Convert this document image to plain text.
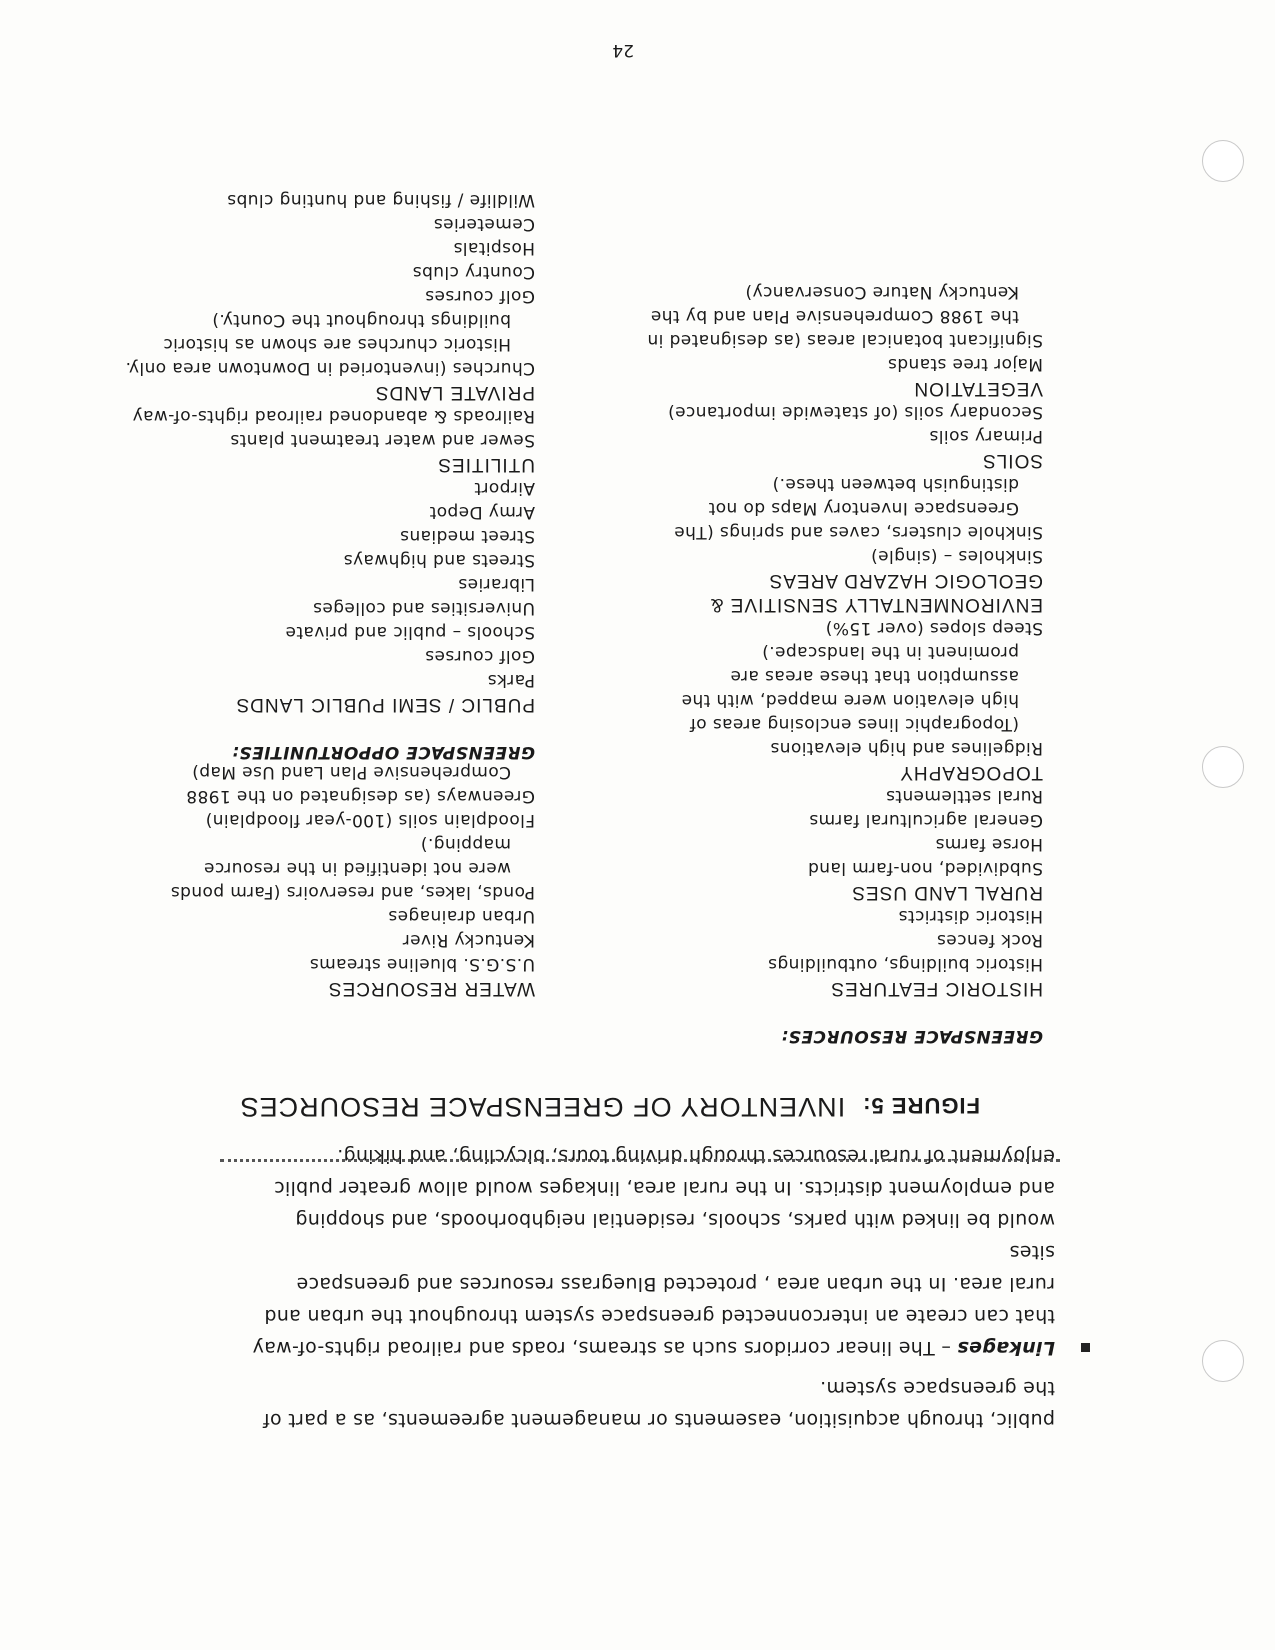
public, through acquisition, easements or management agreements, as a part of
the greenspace system.
Linkages – The linear corridors such as streams, roads and railroad rights-of-way
that can create an interconnected greenspace system throughout the urban and
rural area. In the urban area , protected Bluegrass resources and greenspace sites
would be linked with parks, schools, residential neighborhoods, and shopping
and employment districts. In the rural area, linkages would allow greater public
enjoyment of rural resources through driving tours, bicycling, and hiking.
FIGURE 5:  INVENTORY OF GREENSPACE RESOURCES
GREENSPACE RESOURCES:
HISTORIC FEATURES
Historic buildings, outbuildings
Rock fences
Historic districts
RURAL LAND USES
Subdivided, non-farm land
Horse farms
General agricultural farms
Rural settlements
TOPOGRAPHY
Ridgelines and high elevations
(Topographic lines enclosing areas of
high elevation were mapped, with the
assumption that these areas are
prominent in the landscape.)
Steep slopes (over 15%)
ENVIRONMENTALLY SENSITIVE &
GEOLOGIC HAZARD AREAS
Sinkholes – (single)
Sinkhole clusters, caves and springs (The
Greenspace Inventory Maps do not
distinguish between these.)
SOILS
Primary soils
Secondary soils (of statewide importance)
VEGETATION
Major tree stands
Significant botanical areas (as designated in
the 1988 Comprehensive Plan and by the
Kentucky Nature Conservancy)
WATER RESOURCES
U.S.G.S. blueline streams
Kentucky River
Urban drainages
Ponds, lakes, and reservoirs (Farm ponds
were not identified in the resource
mapping.)
Floodplain soils (100-year floodplain)
Greenways (as designated on the 1988
Comprehensive Plan Land Use Map)
GREENSPACE OPPORTUNITIES:
PUBLIC / SEMI PUBLIC LANDS
Parks
Golf courses
Schools – public and private
Universities and colleges
Libraries
Streets and highways
Street medians
Army Depot
Airport
UTILITIES
Sewer and water treatment plants
Railroads & abandoned railroad rights-of-way
PRIVATE LANDS
Churches (inventoried in Downtown area only.
Historic churches are shown as historic
buildings throughout the County.)
Golf courses
Country clubs
Hospitals
Cemeteries
Wildlife / fishing and hunting clubs
24
